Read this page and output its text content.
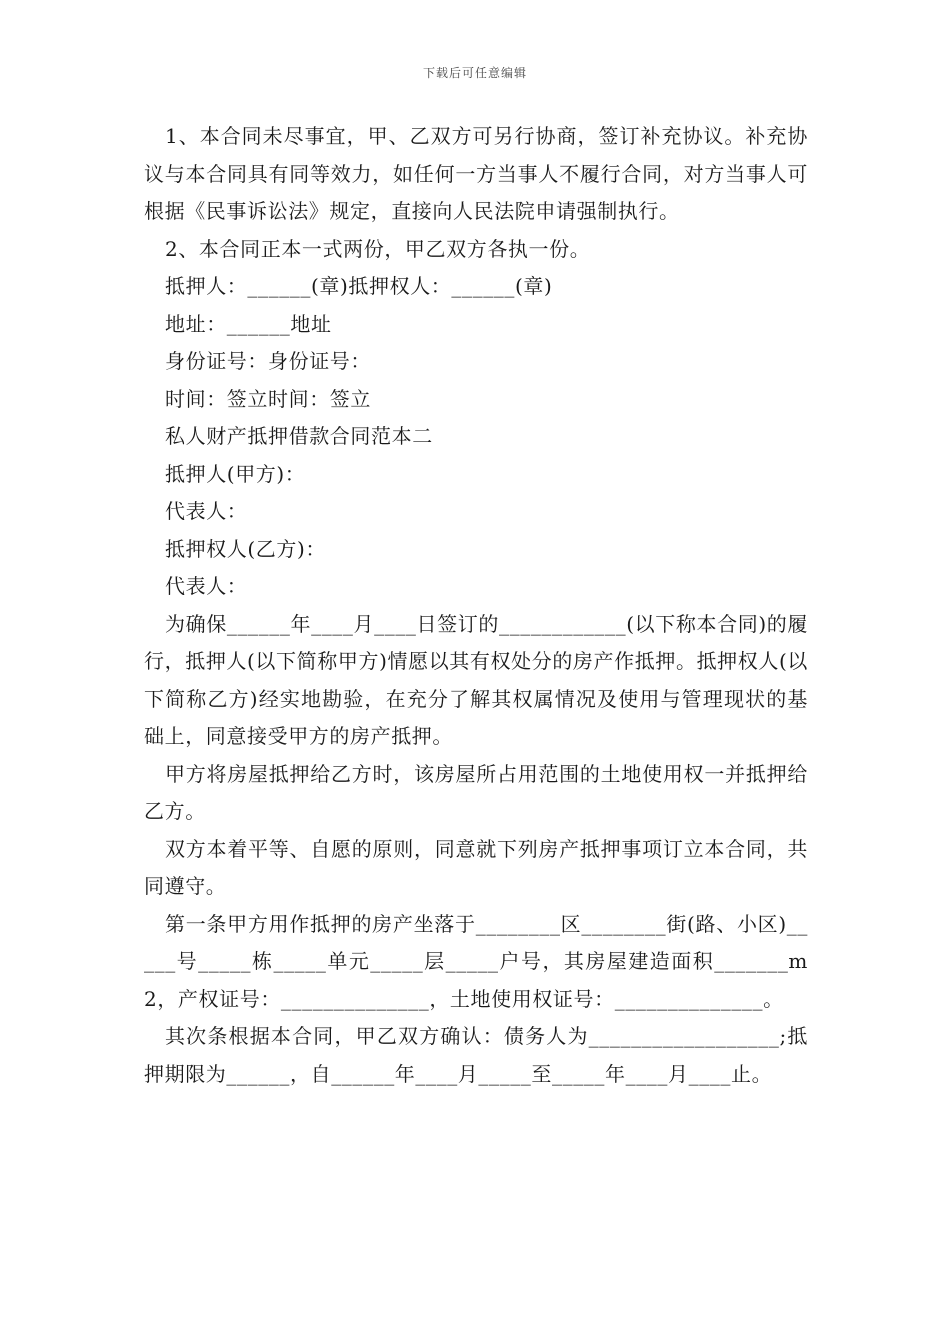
下载后可任意编辑

1、本合同未尽事宜，甲、乙双方可另行协商，签订补充协议。补充协议与本合同具有同等效力，如任何一方当事人不履行合同，对方当事人可根据《民事诉讼法》规定，直接向人民法院申请强制执行。

2、本合同正本一式两份，甲乙双方各执一份。

抵押人：______(章)抵押权人：______(章)

地址：______地址

身份证号：身份证号：

时间：签立时间：签立

私人财产抵押借款合同范本二

抵押人(甲方)：

代表人：

抵押权人(乙方)：

代表人：

为确保______年____月____日签订的____________(以下称本合同)的履行，抵押人(以下简称甲方)情愿以其有权处分的房产作抵押。抵押权人(以下简称乙方)经实地勘验，在充分了解其权属情况及使用与管理现状的基础上，同意接受甲方的房产抵押。

甲方将房屋抵押给乙方时，该房屋所占用范围的土地使用权一并抵押给乙方。

双方本着平等、自愿的原则，同意就下列房产抵押事项订立本合同，共同遵守。

第一条甲方用作抵押的房产坐落于________区________街(路、小区)_____号_____栋_____单元_____层_____户号，其房屋建造面积_______m2，产权证号：______________，土地使用权证号：______________。

其次条根据本合同，甲乙双方确认：债务人为__________________;抵押期限为______，自______年____月_____至_____年____月____止。
